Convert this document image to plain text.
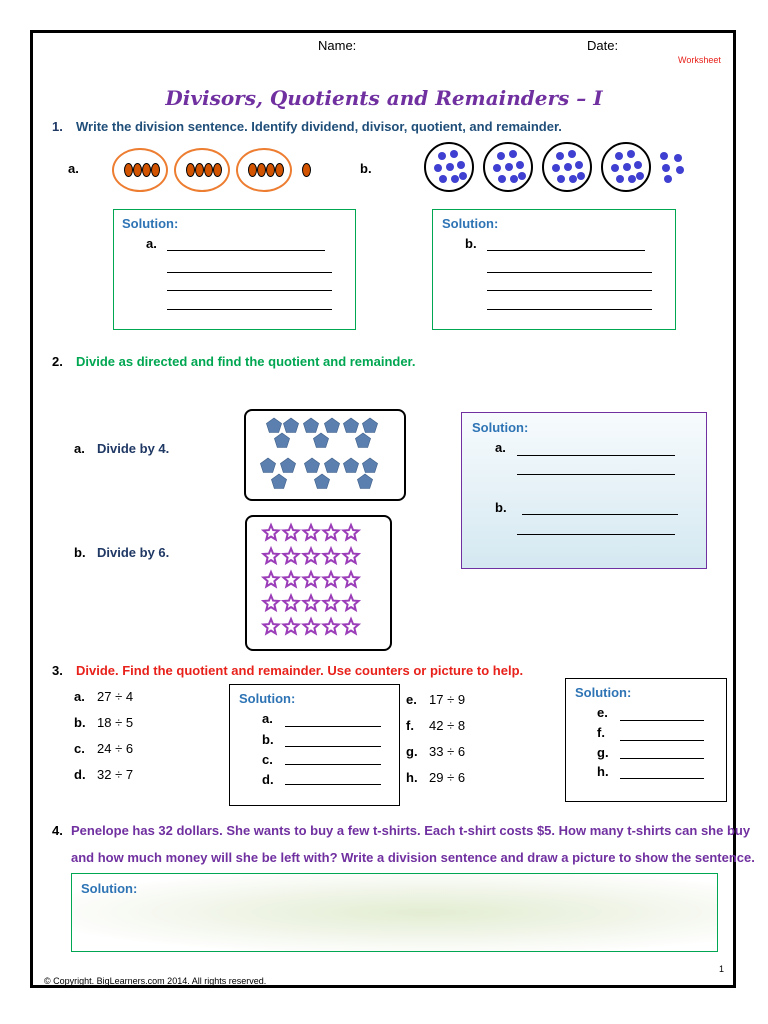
Name:	Date:
Worksheet
Divisors, Quotients and Remainders – I
1. Write the division sentence. Identify dividend, divisor, quotient, and remainder.
a.	b.
Solution:
a.
Solution:
b.
2. Divide as directed and find the quotient and remainder.
a. Divide by 4.
b. Divide by 6.
Solution:
a.
b.
3. Divide. Find the quotient and remainder. Use counters or picture to help.
a. 27 ÷ 4
b. 18 ÷ 5
c. 24 ÷ 6
d. 32 ÷ 7
e. 17 ÷ 9
f. 42 ÷ 8
g. 33 ÷ 6
h. 29 ÷ 6
Solution:
a.
b.
c.
d.
Solution:
e.
f.
g.
h.
4. Penelope has 32 dollars. She wants to buy a few t-shirts. Each t-shirt costs $5. How many t-shirts can she buy
and how much money will she be left with? Write a division sentence and draw a picture to show the sentence.
Solution:
1
© Copyright. BigLearners.com 2014. All rights reserved.
